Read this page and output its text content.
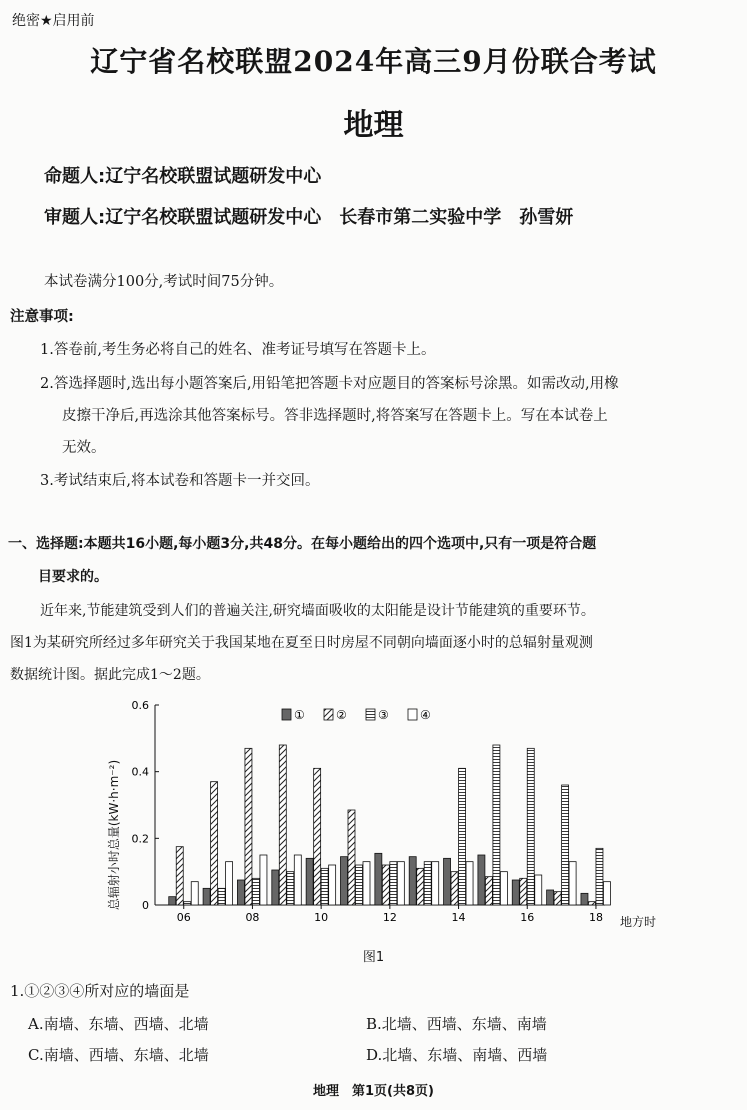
绝密★启用前
辽宁省名校联盟2024年高三9月份联合考试
地理
命题人:辽宁名校联盟试题研发中心
审题人:辽宁名校联盟试题研发中心　长春市第二实验中学　孙雪妍
本试卷满分100分,考试时间75分钟。
注意事项:
1.答卷前,考生务必将自己的姓名、准考证号填写在答题卡上。
2.答选择题时,选出每小题答案后,用铅笔把答题卡对应题目的答案标号涂黑。如需改动,用橡
皮擦干净后,再选涂其他答案标号。答非选择题时,将答案写在答题卡上。写在本试卷上
无效。
3.考试结束后,将本试卷和答题卡一并交回。
一、选择题:本题共16小题,每小题3分,共48分。在每小题给出的四个选项中,只有一项是符合题
目要求的。
近年来,节能建筑受到人们的普遍关注,研究墙面吸收的太阳能是设计节能建筑的重要环节。
图1为某研究所经过多年研究关于我国某地在夏至日时房屋不同朝向墙面逐小时的总辐射量观测
数据统计图。据此完成1～2题。
0
0.2
0.4
0.6
06	08	10	12	14	16	18
①	②	③	④
总辐射小时总量(kW·h·m⁻²)
地方时
图1
1.①②③④所对应的墙面是
A.南墙、东墙、西墙、北墙	B.北墙、西墙、东墙、南墙
C.南墙、西墙、东墙、北墙	D.北墙、东墙、南墙、西墙
地理　第1页(共8页)
